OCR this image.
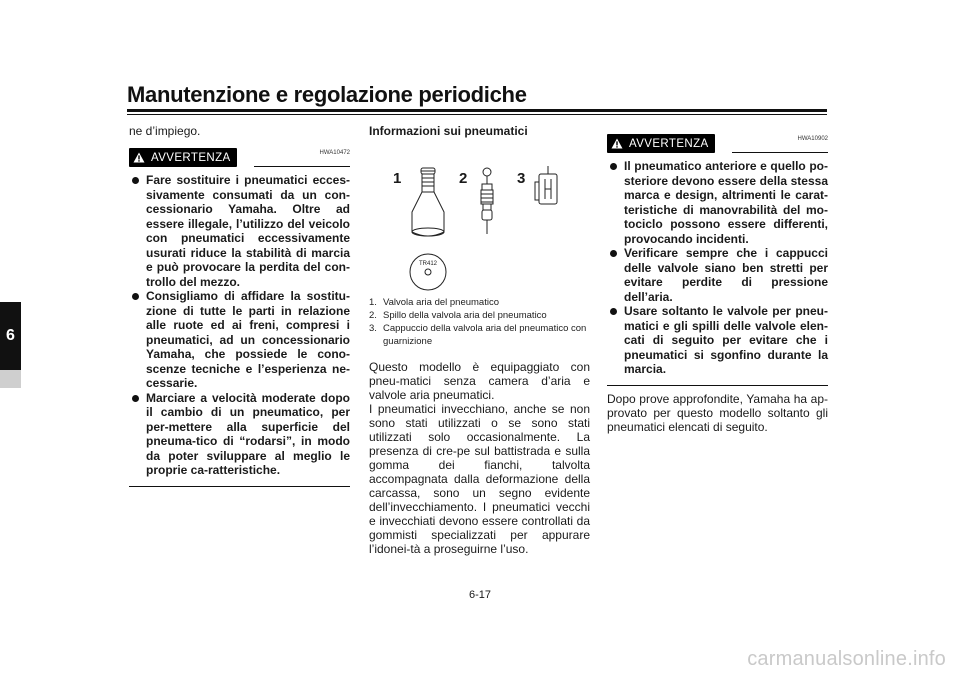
Manutenzione e regolazione periodiche
6

ne d’impiego.

AVVERTENZA	HWA10472
Fare sostituire i pneumatici ecces-sivamente consumati da un con-cessionario Yamaha. Oltre ad essere illegale, l’utilizzo del veicolo con pneumatici eccessivamente usurati riduce la stabilità di marcia e può provocare la perdita del con-trollo del mezzo.
Consigliamo di affidare la sostitu-zione di tutte le parti in relazione alle ruote ed ai freni, compresi i pneumatici, ad un concessionario Yamaha, che possiede le cono-scenze tecniche e l’esperienza ne-cessarie.
Marciare a velocità moderate dopo il cambio di un pneumatico, per per-mettere alla superficie del pneuma-tico di “rodarsi”, in modo da poter sviluppare al meglio le proprie ca-ratteristiche.

Informazioni sui pneumatici

1	2	3
TR412
1. Valvola aria del pneumatico
2. Spillo della valvola aria del pneumatico
3. Cappuccio della valvola aria del pneumatico con guarnizione

Questo modello è equipaggiato con pneu-matici senza camera d’aria e valvole aria pneumatici.

I pneumatici invecchiano, anche se non sono stati utilizzati o se sono stati utilizzati solo occasionalmente. La presenza di cre-pe sul battistrada e sulla gomma dei fianchi, talvolta accompagnata dalla deformazione della carcassa, sono un segno evidente dell’invecchiamento. I pneumatici vecchi e invecchiati devono essere controllati da gommisti specializzati per appurare l’idonei-tà a proseguirne l’uso.

AVVERTENZA	HWA10902
Il pneumatico anteriore e quello po-steriore devono essere della stessa marca e design, altrimenti le carat-teristiche di manovrabilità del mo-tociclo possono essere differenti, provocando incidenti.
Verificare sempre che i cappucci delle valvole siano ben stretti per evitare perdite di pressione dell’aria.
Usare soltanto le valvole per pneu-matici e gli spilli delle valvole elen-cati di seguito per evitare che i pneumatici si sgonfino durante la marcia.

Dopo prove approfondite, Yamaha ha ap-provato per questo modello soltanto gli pneumatici elencati di seguito.

6-17
carmanualsonline.info
